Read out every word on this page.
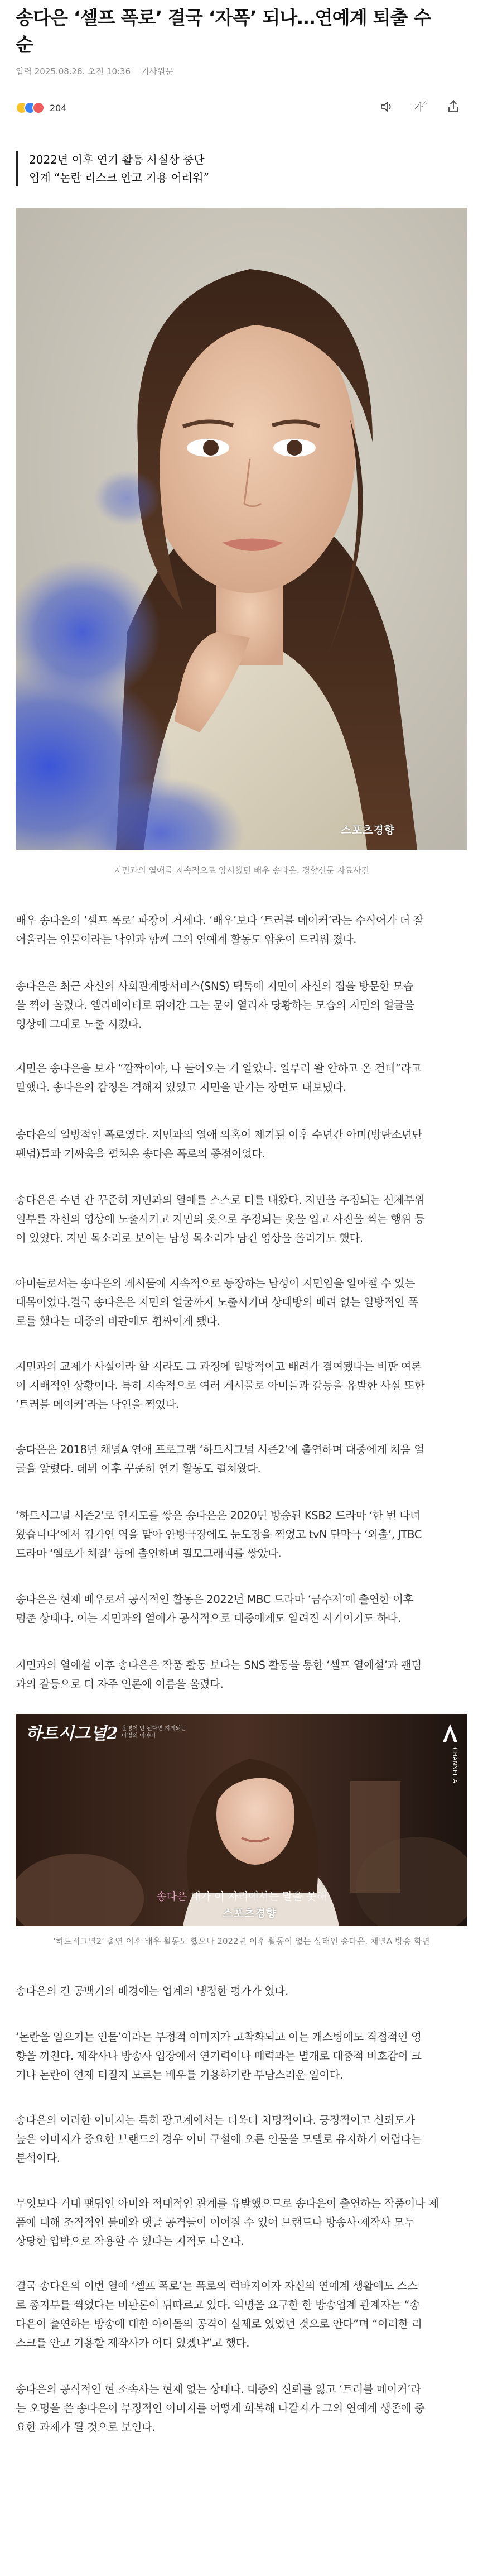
송다은 ‘셀프 폭로’ 결국 ‘자폭’ 되나…연예계 퇴출 수
순
입력 2025.08.28. 오전 10:36 기사원문
204	가
가
2022년 이후 연기 활동 사실상 중단
업계 “논란 리스크 안고 기용 어려워”
스포츠경향
지민과의 열애를 지속적으로 암시했던 배우 송다은. 경향신문 자료사진

배우 송다은의 ‘셀프 폭로’ 파장이 거세다. ‘배우’보다 ‘트러블 메이커’라는 수식어가 더 잘
어울리는 인물이라는 낙인과 함께 그의 연예계 활동도 암운이 드리워 졌다.

송다은은 최근 자신의 사회관계망서비스(SNS) 틱톡에 지민이 자신의 집을 방문한 모습
을 찍어 올렸다. 엘리베이터로 뛰어간 그는 문이 열리자 당황하는 모습의 지민의 얼굴을
영상에 그대로 노출 시켰다.

지민은 송다은을 보자 “깜짝이야, 나 들어오는 거 알았나. 일부러 왈 안하고 온 건데”라고
말했다. 송다은의 감정은 격해져 있었고 지민을 반기는 장면도 내보냈다.

송다은의 일방적인 폭로였다. 지민과의 열애 의혹이 제기된 이후 수년간 아미(방탄소년단
팬덤)들과 기싸움을 펼쳐온 송다은 폭로의 종점이었다.

송다은은 수년 간 꾸준히 지민과의 열애를 스스로 티를 내왔다. 지민을 추정되는 신체부위
일부를 자신의 영상에 노출시키고 지민의 옷으로 추정되는 옷을 입고 사진을 찍는 행위 등
이 있었다. 지민 목소리로 보이는 남성 목소리가 담긴 영상을 올리기도 했다.

아미들로서는 송다은의 게시물에 지속적으로 등장하는 남성이 지민임을 알아챌 수 있는
대목이었다.결국 송다은은 지민의 얼굴까지 노출시키며 상대방의 배려 없는 일방적인 폭
로를 했다는 대중의 비판에도 휩싸이게 됐다.

지민과의 교제가 사실이라 할 지라도 그 과정에 일방적이고 배려가 결여됐다는 비판 여론
이 지배적인 상황이다. 특히 지속적으로 여러 게시물로 아미들과 갈등을 유발한 사실 또한
‘트러블 메이커’라는 낙인을 찍었다.

송다은은 2018년 채널A 연애 프로그램 ‘하트시그널 시즌2’에 출연하며 대중에게 처음 얼
굴을 알렸다. 데뷔 이후 꾸준히 연기 활동도 펼쳐왔다.

‘하트시그널 시즌2’로 인지도를 쌓은 송다은은 2020년 방송된 KSB2 드라마 ‘한 번 다녀
왔습니다’에서 김가연 역을 맡아 안방극장에도 눈도장을 찍었고 tvN 단막극 ‘외출’, JTBC
드라마 ‘옐로가 체질’ 등에 출연하며 필모그래피를 쌓았다.

송다은은 현재 배우로서 공식적인 활동은 2022년 MBC 드라마 ‘금수저’에 출연한 이후
멈춘 상태다. 이는 지민과의 열애가 공식적으로 대중에게도 알려진 시기이기도 하다.

지민과의 열애설 이후 송다은은 작품 활동 보다는 SNS 활동을 통한 ‘셀프 열애설’과 팬덤
과의 갈등으로 더 자주 언론에 이름을 올렸다.

하트시그널2 운명이 안 된다면 지게되는
마법의 이야기
CHANNEL A
송다은 내가 이 자리에서는 말을 못해
스포츠경향
‘하트시그널2’ 출연 이후 배우 활동도 했으나 2022년 이후 활동이 없는 상태인 송다은. 채널A 방송 화면

송다은의 긴 공백기의 배경에는 업계의 냉정한 평가가 있다.

‘논란을 일으키는 인물’이라는 부정적 이미지가 고착화되고 이는 캐스팅에도 직접적인 영
향을 끼친다. 제작사나 방송사 입장에서 연기력이나 매력과는 별개로 대중적 비호감이 크
거나 논란이 언제 터질지 모르는 배우를 기용하기란 부담스러운 일이다.

송다은의 이러한 이미지는 특히 광고계에서는 더욱더 치명적이다. 긍정적이고 신뢰도가
높은 이미지가 중요한 브랜드의 경우 이미 구설에 오른 인물을 모델로 유지하기 어렵다는
분석이다.

무엇보다 거대 팬덤인 아미와 적대적인 관계를 유발했으므로 송다은이 출연하는 작품이나 제
품에 대해 조직적인 불매와 댓글 공격들이 이어질 수 있어 브랜드나 방송사·제작사 모두
상당한 압박으로 작용할 수 있다는 지적도 나온다.

결국 송다은의 이번 열애 ‘셀프 폭로’는 폭로의 럭바지이자 자신의 연예계 생활에도 스스
로 종지부를 찍었다는 비판론이 뒤따르고 있다. 익명을 요구한 한 방송업계 관계자는 “송
다은이 출연하는 방송에 대한 아이돌의 공격이 실제로 있었던 것으로 안다”며 “이러한 리
스크를 안고 기용할 제작사가 어디 있겠냐”고 했다.

송다은의 공식적인 현 소속사는 현재 없는 상태다. 대중의 신뢰를 잃고 ‘트러블 메이커’라
는 오명을 쓴 송다은이 부정적인 이미지를 어떻게 회복해 나갈지가 그의 연예계 생존에 중
요한 과제가 될 것으로 보인다.
